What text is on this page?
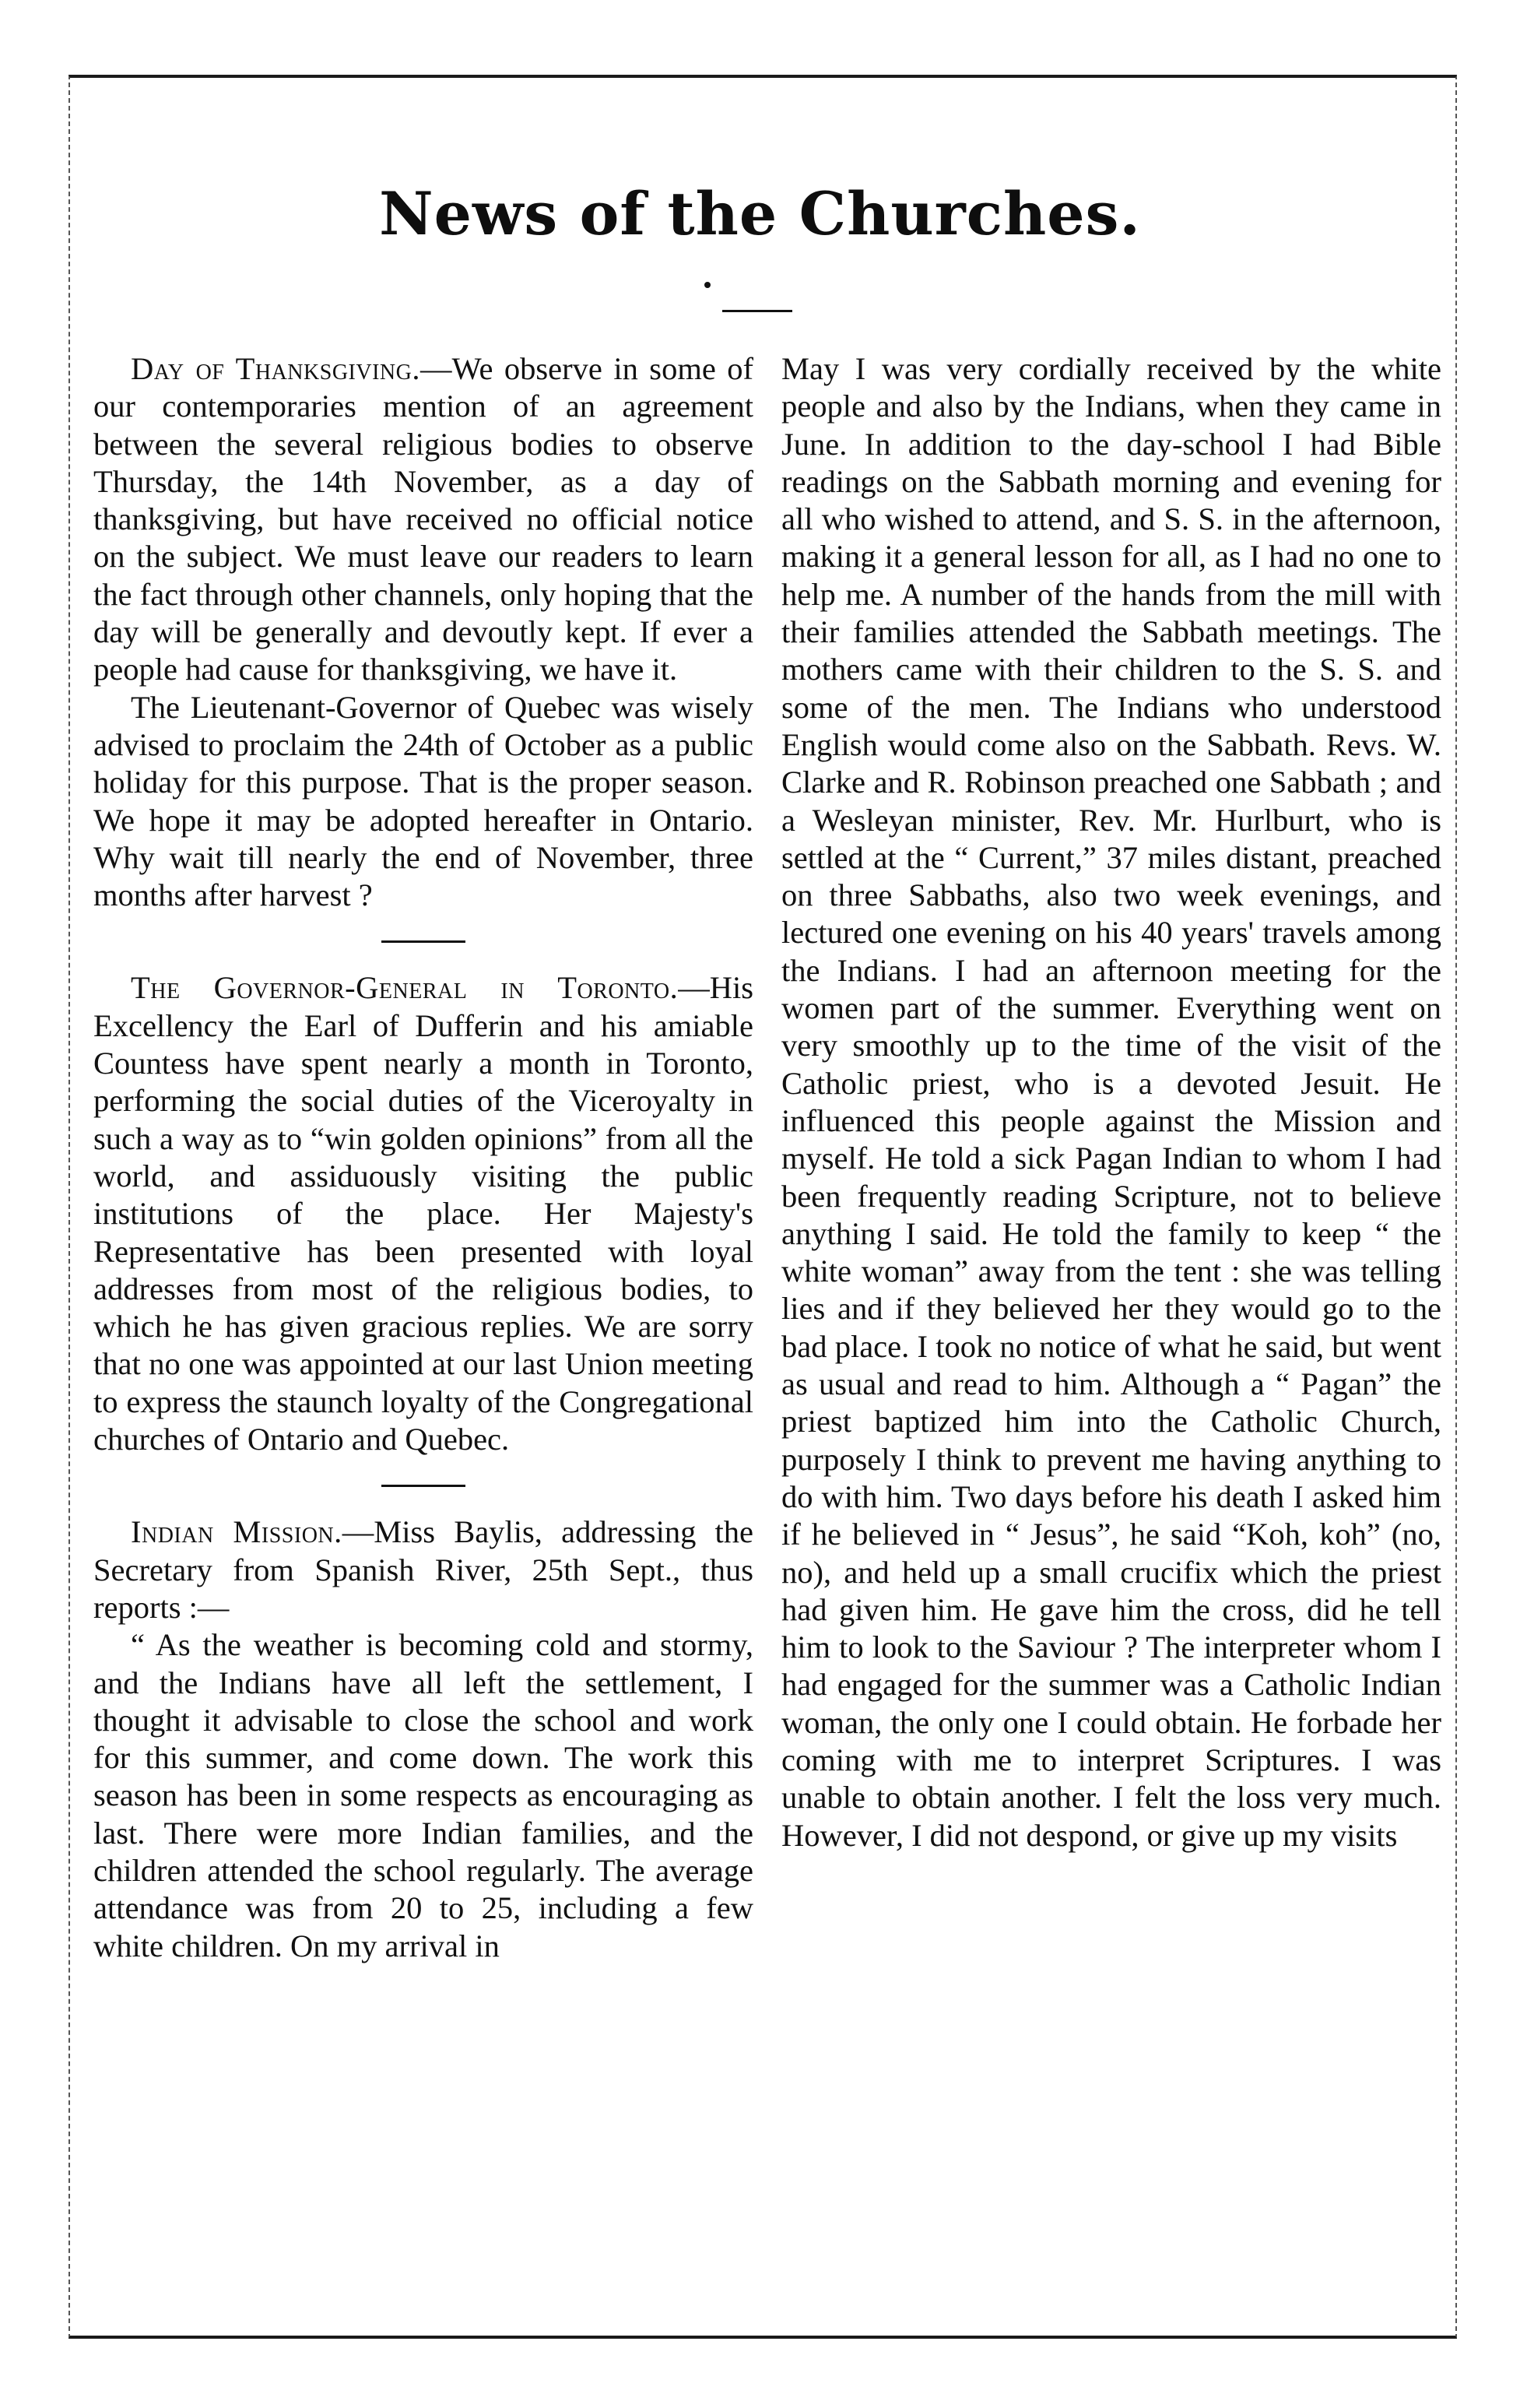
News of the Churches.

Day of Thanksgiving.—We observe in some of our contemporaries mention of an agreement between the several religious bodies to observe Thursday, the 14th November, as a day of thanksgiving, but have received no official notice on the subject. We must leave our readers to learn the fact through other channels, only hoping that the day will be generally and devoutly kept. If ever a people had cause for thanksgiving, we have it.

The Lieutenant-Governor of Quebec was wisely advised to proclaim the 24th of October as a public holiday for this purpose. That is the proper season. We hope it may be adopted hereafter in Ontario. Why wait till nearly the end of November, three months after harvest ?

The Governor-General in Toronto.—His Excellency the Earl of Dufferin and his amiable Countess have spent nearly a month in Toronto, performing the social duties of the Viceroyalty in such a way as to “win golden opinions” from all the world, and assiduously visiting the public institutions of the place. Her Majesty's Representative has been presented with loyal addresses from most of the religious bodies, to which he has given gracious replies. We are sorry that no one was appointed at our last Union meeting to express the staunch loyalty of the Congregational churches of Ontario and Quebec.

Indian Mission.—Miss Baylis, addressing the Secretary from Spanish River, 25th Sept., thus reports :—

“ As the weather is becoming cold and stormy, and the Indians have all left the settlement, I thought it advisable to close the school and work for this summer, and come down. The work this season has been in some respects as encouraging as last. There were more Indian families, and the children attended the school regularly. The average attendance was from 20 to 25, including a few white children. On my arrival in

May I was very cordially received by the white people and also by the Indians, when they came in June. In addition to the day-school I had Bible readings on the Sabbath morning and evening for all who wished to attend, and S. S. in the afternoon, making it a general lesson for all, as I had no one to help me. A number of the hands from the mill with their families attended the Sabbath meetings. The mothers came with their children to the S. S. and some of the men. The Indians who understood English would come also on the Sabbath. Revs. W. Clarke and R. Robinson preached one Sabbath ; and a Wesleyan minister, Rev. Mr. Hurlburt, who is settled at the “ Current,” 37 miles distant, preached on three Sabbaths, also two week evenings, and lectured one evening on his 40 years' travels among the Indians. I had an afternoon meeting for the women part of the summer. Everything went on very smoothly up to the time of the visit of the Catholic priest, who is a devoted Jesuit. He influenced this people against the Mission and myself. He told a sick Pagan Indian to whom I had been frequently reading Scripture, not to believe anything I said. He told the family to keep “ the white woman” away from the tent : she was telling lies and if they believed her they would go to the bad place. I took no notice of what he said, but went as usual and read to him. Although a “ Pagan” the priest baptized him into the Catholic Church, purposely I think to prevent me having anything to do with him. Two days before his death I asked him if he believed in “ Jesus”, he said “Koh, koh” (no, no), and held up a small crucifix which the priest had given him. He gave him the cross, did he tell him to look to the Saviour ? The interpreter whom I had engaged for the summer was a Catholic Indian woman, the only one I could obtain. He forbade her coming with me to interpret Scriptures. I was unable to obtain another. I felt the loss very much. However, I did not despond, or give up my visits
